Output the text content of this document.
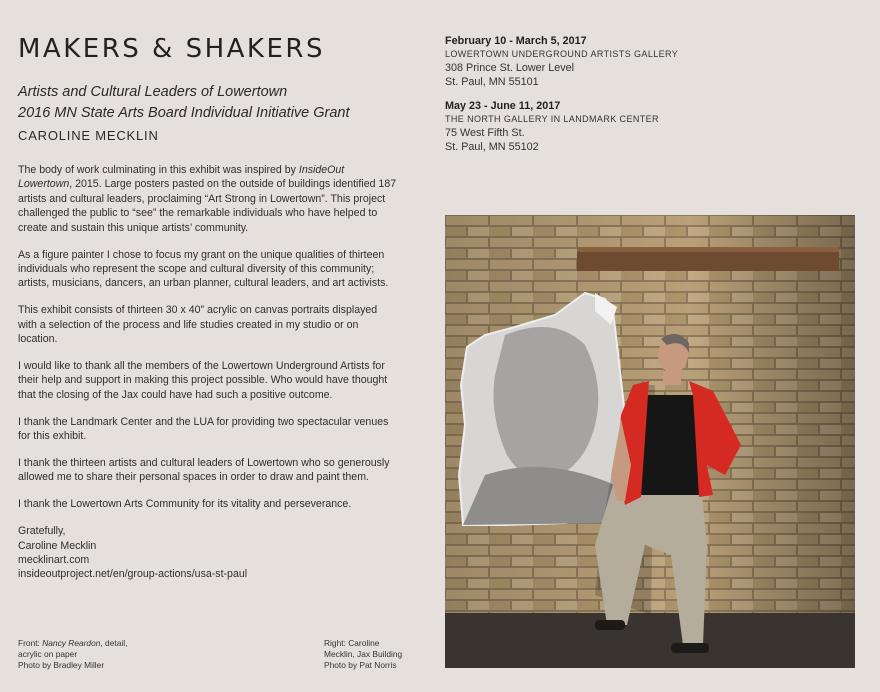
MAKERS & SHAKERS
Artists and Cultural Leaders of Lowertown
2016 MN State Arts Board Individual Initiative Grant
CAROLINE MECKLIN

The body of work culminating in this exhibit was inspired by InsideOut Lowertown, 2015. Large posters pasted on the outside of buildings identified 187 artists and cultural leaders, proclaiming “Art Strong in Lowertown”. This project challenged the public to “see” the remarkable individuals who have helped to create and sustain this unique artists’ community.

As a figure painter I chose to focus my grant on the unique qualities of thirteen individuals who represent the scope and cultural diversity of this community; artists, musicians, dancers, an urban planner, cultural leaders, and art activists.

This exhibit consists of thirteen 30 x 40” acrylic on canvas portraits displayed with a selection of the process and life studies created in my studio or on location.

I would like to thank all the members of the Lowertown Underground Artists for their help and support in making this project possible. Who would have thought that the closing of the Jax could have had such a positive outcome.

I thank the Landmark Center and the LUA for providing two spectacular venues for this exhibit.

I thank the thirteen artists and cultural leaders of Lowertown who so generously allowed me to share their personal spaces in order to draw and paint them.

I thank the Lowertown Arts Community for its vitality and perseverance.

Gratefully,
Caroline Mecklin
mecklinart.com
insideoutproject.net/en/group-actions/usa-st-paul
Front: Nancy Reardon, detail,
acrylic on paper
Photo by Bradley Miller
Right: Caroline
Mecklin, Jax Building
Photo by Pat Norris
February 10 - March 5, 2017
LOWERTOWN UNDERGROUND ARTISTS GALLERY
308 Prince St. Lower Level
St. Paul, MN 55101
May 23 - June 11, 2017
THE NORTH GALLERY IN LANDMARK CENTER
75 West Fifth St.
St. Paul, MN 55102
